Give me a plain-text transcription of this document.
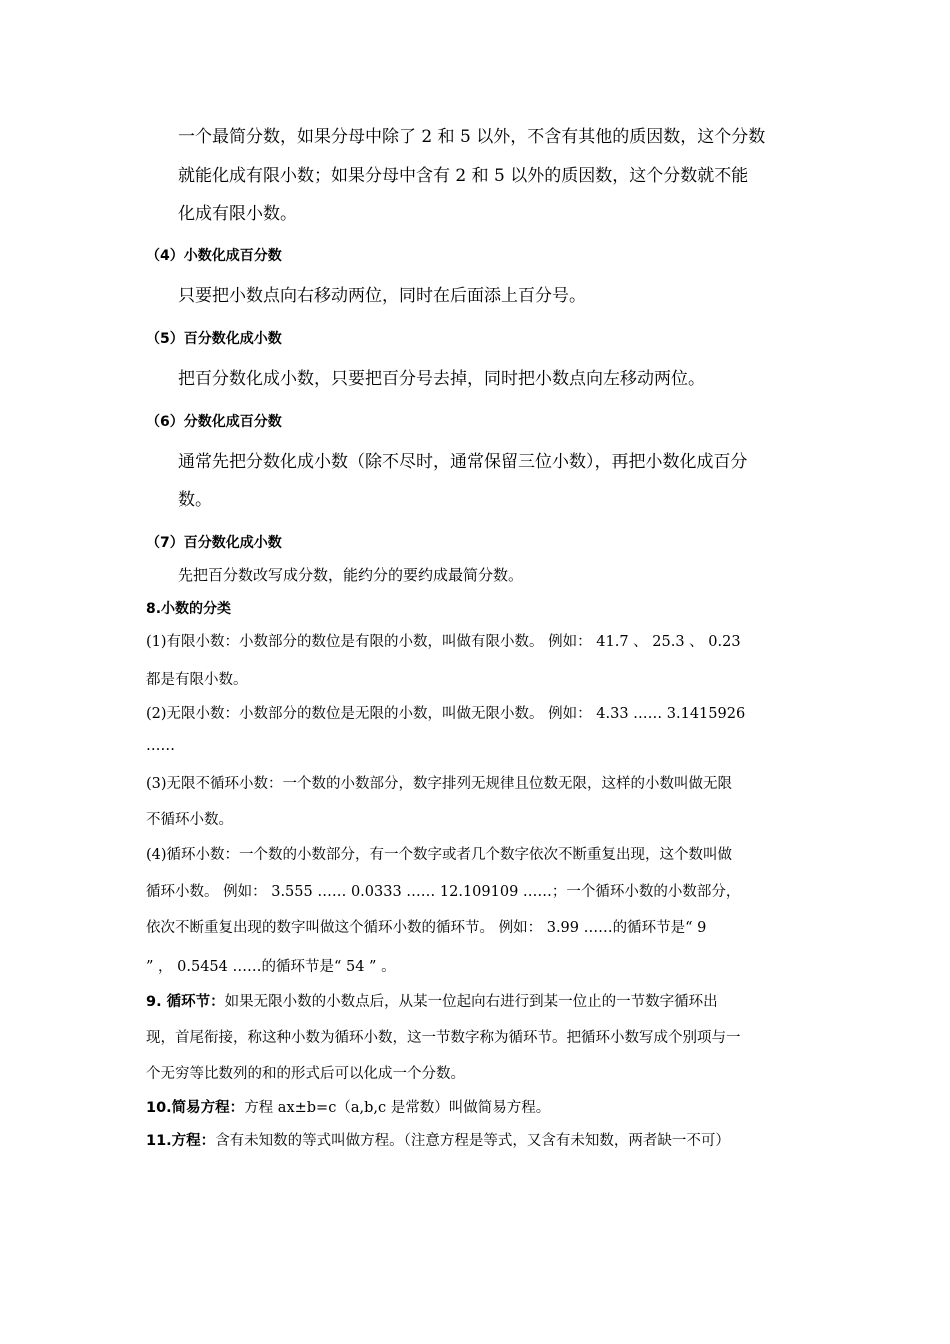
一个最简分数，如果分母中除了 2 和 5 以外，不含有其他的质因数，这个分数
就能化成有限小数；如果分母中含有 2 和 5 以外的质因数，这个分数就不能
化成有限小数。
（4）小数化成百分数
只要把小数点向右移动两位，同时在后面添上百分号。
（5）百分数化成小数
把百分数化成小数，只要把百分号去掉，同时把小数点向左移动两位。
（6）分数化成百分数
通常先把分数化成小数（除不尽时，通常保留三位小数），再把小数化成百分
数。
（7）百分数化成小数
先把百分数改写成分数，能约分的要约成最简分数。
8.小数的分类
(1)有限小数：小数部分的数位是有限的小数，叫做有限小数。 例如： 41.7 、 25.3 、 0.23
都是有限小数。
(2)无限小数：小数部分的数位是无限的小数，叫做无限小数。 例如： 4.33 …… 3.1415926
……
(3)无限不循环小数：一个数的小数部分，数字排列无规律且位数无限，这样的小数叫做无限
不循环小数。
(4)循环小数：一个数的小数部分，有一个数字或者几个数字依次不断重复出现，这个数叫做
循环小数。 例如： 3.555 …… 0.0333 …… 12.109109 ……；一个循环小数的小数部分，
依次不断重复出现的数字叫做这个循环小数的循环节。 例如： 3.99 ……的循环节是“ 9
” ， 0.5454 ……的循环节是“ 54 ” 。
9. 循环节：如果无限小数的小数点后，从某一位起向右进行到某一位止的一节数字循环出
现，首尾衔接，称这种小数为循环小数，这一节数字称为循环节。把循环小数写成个别项与一
个无穷等比数列的和的形式后可以化成一个分数。
10.简易方程：方程 ax±b=c（a,b,c 是常数）叫做简易方程。
11.方程：含有未知数的等式叫做方程。（注意方程是等式，又含有未知数，两者缺一不可）
